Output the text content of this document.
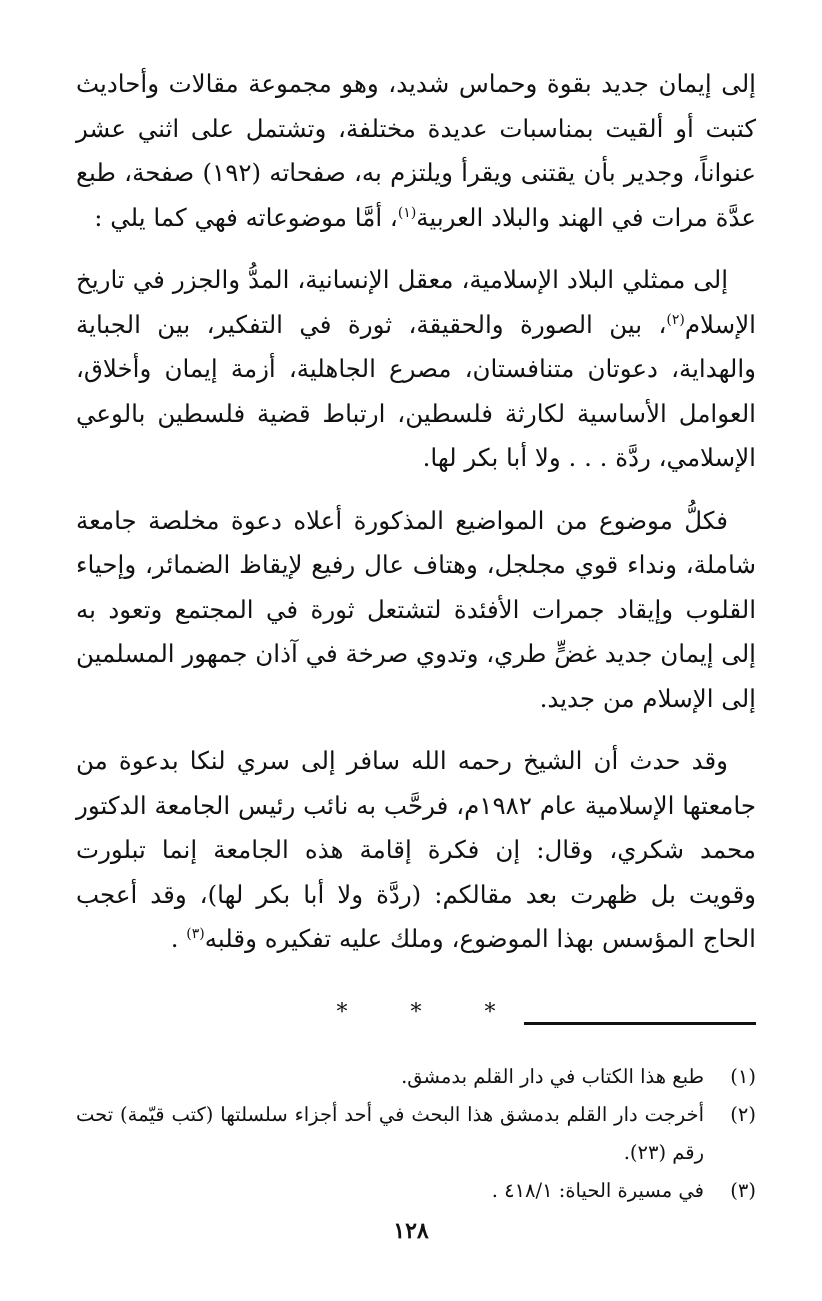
إلى إيمان جديد بقوة وحماس شديد، وهو مجموعة مقالات وأحاديث كتبت أو ألقيت بمناسبات عديدة مختلفة، وتشتمل على اثني عشر عنواناً، وجدير بأن يقتنى ويقرأ ويلتزم به، صفحاته (١٩٢) صفحة، طبع عدَّة مرات في الهند والبلاد العربية$^{(١)}$، أمَّا موضوعاته فهي كما يلي :

إلى ممثلي البلاد الإسلامية، معقل الإنسانية، المدُّ والجزر في تاريخ الإسلام$^{(٢)}$، بين الصورة والحقيقة، ثورة في التفكير، بين الجباية والهداية، دعوتان متنافستان، مصرع الجاهلية، أزمة إيمان وأخلاق، العوامل الأساسية لكارثة فلسطين، ارتباط قضية فلسطين بالوعي الإسلامي، ردَّة . . . ولا أبا بكر لها.

فكلُّ موضوع من المواضيع المذكورة أعلاه دعوة مخلصة جامعة شاملة، ونداء قوي مجلجل، وهتاف عال رفيع لإيقاظ الضمائر، وإحياء القلوب وإيقاد جمرات الأفئدة لتشتعل ثورة في المجتمع وتعود به إلى إيمان جديد غضٍّ طري، وتدوي صرخة في آذان جمهور المسلمين إلى الإسلام من جديد.

وقد حدث أن الشيخ رحمه الله سافر إلى سري لنكا بدعوة من جامعتها الإسلامية عام ١٩٨٢م، فرحَّب به نائب رئيس الجامعة الدكتور محمد شكري، وقال: إن فكرة إقامة هذه الجامعة إنما تبلورت وقويت بل ظهرت بعد مقالكم: (ردَّة ولا أبا بكر لها)، وقد أعجب الحاج المؤسس بهذا الموضوع، وملك عليه تفكيره وقلبه$^{(٣)}$ .

* * *
(١)
طبع هذا الكتاب في دار القلم بدمشق.
(٢)
أخرجت دار القلم بدمشق هذا البحث في أحد أجزاء سلسلتها (كتب قيّمة) تحت رقم (٢٣).
(٣)
في مسيرة الحياة: ٤١٨/١ .
١٢٨
